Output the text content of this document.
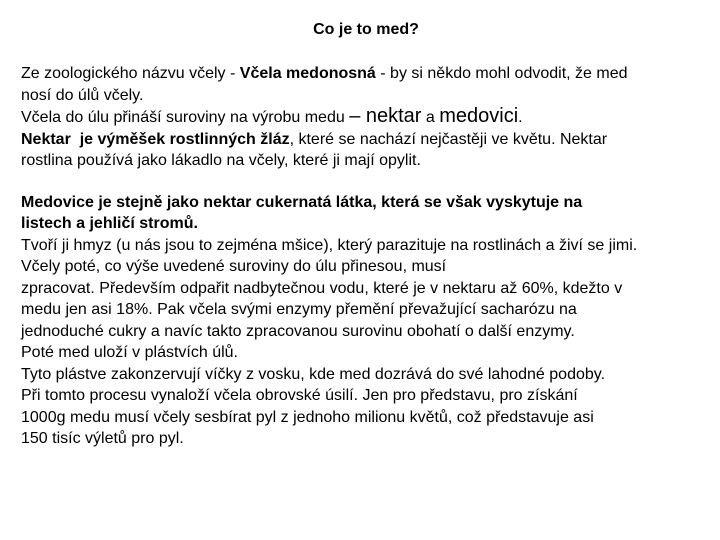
Co je to med?
Ze zoologického názvu včely - Včela medonosná - by si někdo mohl odvodit, že med
nosí do úlů včely.
Včela do úlu přináší suroviny na výrobu medu – nektar a medovici.
Nektar  je výměšek rostlinných žláz, které se nachází nejčastěji ve květu. Nektar
rostlina používá jako lákadlo na včely, které ji mají opylit.
Medovice je stejně jako nektar cukernatá látka, která se však vyskytuje na
listech a jehličí stromů.
Tvoří ji hmyz (u nás jsou to zejména mšice), který parazituje na rostlinách a živí se jimi.
Včely poté, co výše uvedené suroviny do úlu přinesou, musí
zpracovat. Především odpařit nadbytečnou vodu, které je v nektaru až 60%, kdežto v
medu jen asi 18%. Pak včela svými enzymy přemění převažující sacharózu na
jednoduché cukry a navíc takto zpracovanou surovinu obohatí o další enzymy.
Poté med uloží v plástvích úlů.
Tyto plástve zakonzervují víčky z vosku, kde med dozrává do své lahodné podoby.
Při tomto procesu vynaloží včela obrovské úsilí. Jen pro představu, pro získání
1000g medu musí včely sesbírat pyl z jednoho milionu květů, což představuje asi
150 tisíc výletů pro pyl.
